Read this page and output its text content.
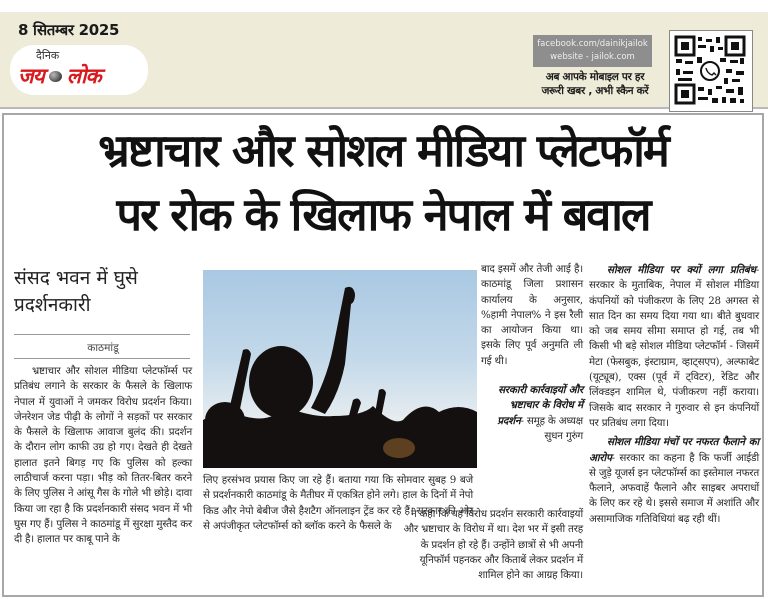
8 सितम्बर 2025
दैनिक
जय लोक
facebook.com/dainikjailok
website - jailok.com
अब आपके मोबाइल पर हर
जरूरी खबर , अभी स्कैन करें
भ्रष्टाचार और सोशल मीडिया प्लेटफॉर्म
पर रोक के खिलाफ नेपाल में बवाल
संसद भवन में घुसे प्रदर्शनकारी
काठमांडू

भ्रष्टाचार और सोशल मीडिया प्लेटफॉर्म्स पर प्रतिबंध लगाने के सरकार के फैसले के खिलाफ नेपाल में युवाओं ने जमकर विरोध प्रदर्शन किया। जेनरेशन जेड पीढ़ी के लोगों ने सड़कों पर सरकार के फैसले के खिलाफ आवाज बुलंद की। प्रदर्शन के दौरान लोग काफी उग्र हो गए। देखते ही देखते हालात इतने बिगड़ गए कि पुलिस को हल्का लाठीचार्ज करना पड़ा। भीड़ को तितर-बितर करने के लिए पुलिस ने आंसू गैस के गोले भी छोड़े। दावा किया जा रहा है कि प्रदर्शनकारी संसद भवन में भी घुस गए हैं। पुलिस ने काठमांडू में सुरक्षा मुस्तैद कर दी है। हालात पर काबू पाने के

लिए हरसंभव प्रयास किए जा रहे हैं। बताया गया कि सोमवार सुबह 9 बजे से प्रदर्शनकारी काठमांडू के मैतीघर में एकत्रित होने लगे। हाल के दिनों में नेपो किड और नेपो बेबीज जैसे हैशटैग ऑनलाइन ट्रेंड कर रहे हैं। सरकार की ओर से अपंजीकृत प्लेटफॉर्म्स को ब्लॉक करने के फैसले के

बाद इसमें और तेजी आई है। काठमांडू जिला प्रशासन कार्यालय के अनुसार, %हामी नेपाल% ने इस रैली का आयोजन किया था। इसके लिए पूर्व अनुमति ली गई थी।

सरकारी कार्रवाइयों और भ्रष्टाचार के विरोध में प्रदर्शन- समूह के अध्यक्ष सुधन गुरुंग

ने कहा कि यह विरोध प्रदर्शन सरकारी कार्रवाइयों और भ्रष्टाचार के विरोध में था। देश भर में इसी तरह के प्रदर्शन हो रहे हैं। उन्होंने छात्रों से भी अपनी यूनिफॉर्म पहनकर और किताबें लेकर प्रदर्शन में शामिल होने का आग्रह किया।

सोशल मीडिया पर क्यों लगा प्रतिबंध- सरकार के मुताबिक, नेपाल में सोशल मीडिया कंपनियों को पंजीकरण के लिए 28 अगस्त से सात दिन का समय दिया गया था। बीते बुधवार को जब समय सीमा समाप्त हो गई, तब भी किसी भी बड़े सोशल मीडिया प्लेटफॉर्म - जिसमें मेटा (फेसबुक, इंस्टाग्राम, व्हाट्सएप), अल्फाबेट (यूट्यूब), एक्स (पूर्व में ट्विटर), रेडिट और लिंक्डइन शामिल थे, पंजीकरण नहीं कराया। जिसके बाद सरकार ने गुरुवार से इन कंपनियों पर प्रतिबंध लगा दिया।

सोशल मीडिया मंचों पर नफरत फैलाने का आरोप- सरकार का कहना है कि फर्जी आईडी से जुड़े यूजर्स इन प्लेटफॉर्म्स का इस्तेमाल नफरत फैलाने, अफवाहें फैलाने और साइबर अपराधों के लिए कर रहे थे। इससे समाज में अशांति और असामाजिक गतिविधियां बढ़ रही थीं।
